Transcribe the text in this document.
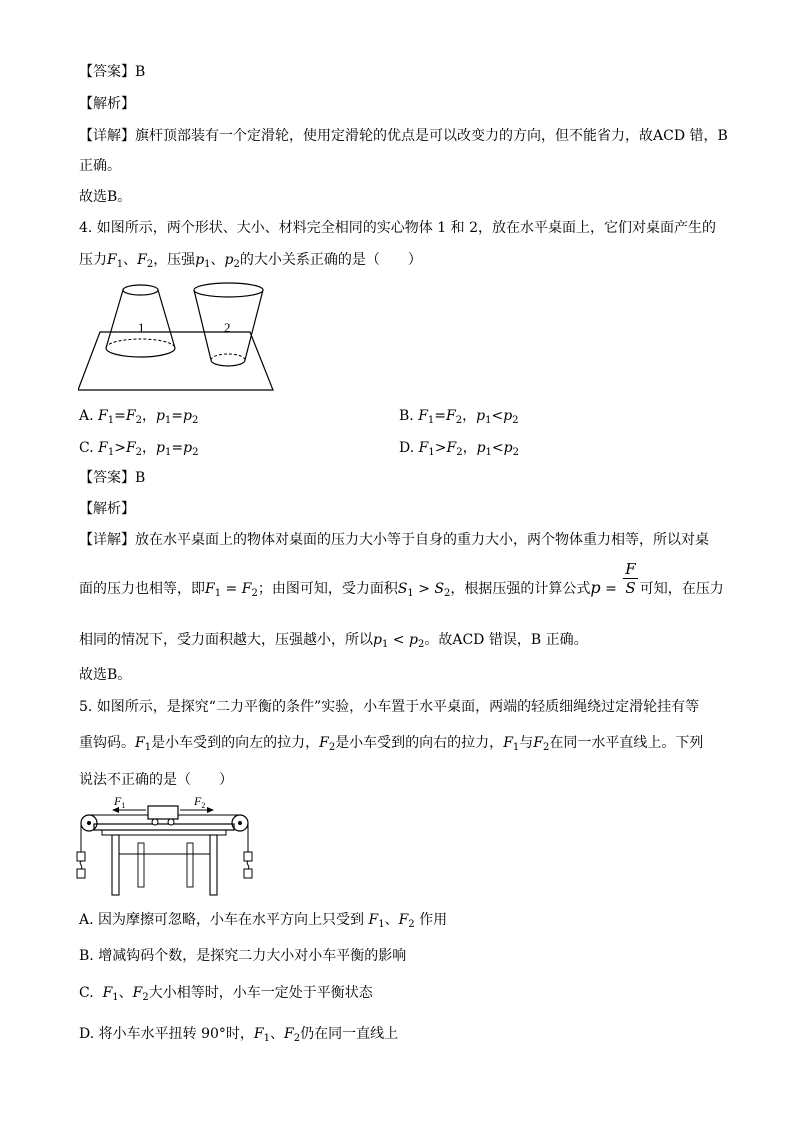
【答案】B
【解析】
【详解】旗杆顶部装有一个定滑轮，使用定滑轮的优点是可以改变力的方向，但不能省力，故ACD 错，B
正确。
故选B。
4. 如图所示，两个形状、大小、材料完全相同的实心物体 1 和 2，放在水平桌面上，它们对桌面产生的
压力$F_1$、$F_2$，压强$p_1$、$p_2$的大小关系正确的是（　　）
1	2
A. $F_1=F_2$，$p_1=p_2$	B. $F_1=F_2$，$p_1<p_2$
C. $F_1>F_2$，$p_1=p_2$	D. $F_1>F_2$，$p_1<p_2$
【答案】B
【解析】
【详解】放在水平桌面上的物体对桌面的压力大小等于自身的重力大小，两个物体重力相等，所以对桌
面的压力也相等，即$F_1 = F_2$；由图可知，受力面积$S_1 > S_2$，根据压强的计算公式$p = \frac{F}{S}$ 可知，在压力
相同的情况下，受力面积越大，压强越小，所以$p_1 < p_2$。故ACD 错误，B 正确。
故选B。
5. 如图所示，是探究“二力平衡的条件”实验，小车置于水平桌面，两端的轻质细绳绕过定滑轮挂有等
重钩码。$F_1$是小车受到的向左的拉力，$F_2$是小车受到的向右的拉力，$F_1$与$F_2$在同一水平直线上。下列
说法不正确的是（　　）
$F_1$	$F_2$
A. 因为摩擦可忽略，小车在水平方向上只受到 $F_1$、$F_2$ 作用
B. 增减钩码个数，是探究二力大小对小车平衡的影响
C. $F_1$、$F_2$大小相等时，小车一定处于平衡状态
D. 将小车水平扭转 90°时，$F_1$、$F_2$仍在同一直线上
